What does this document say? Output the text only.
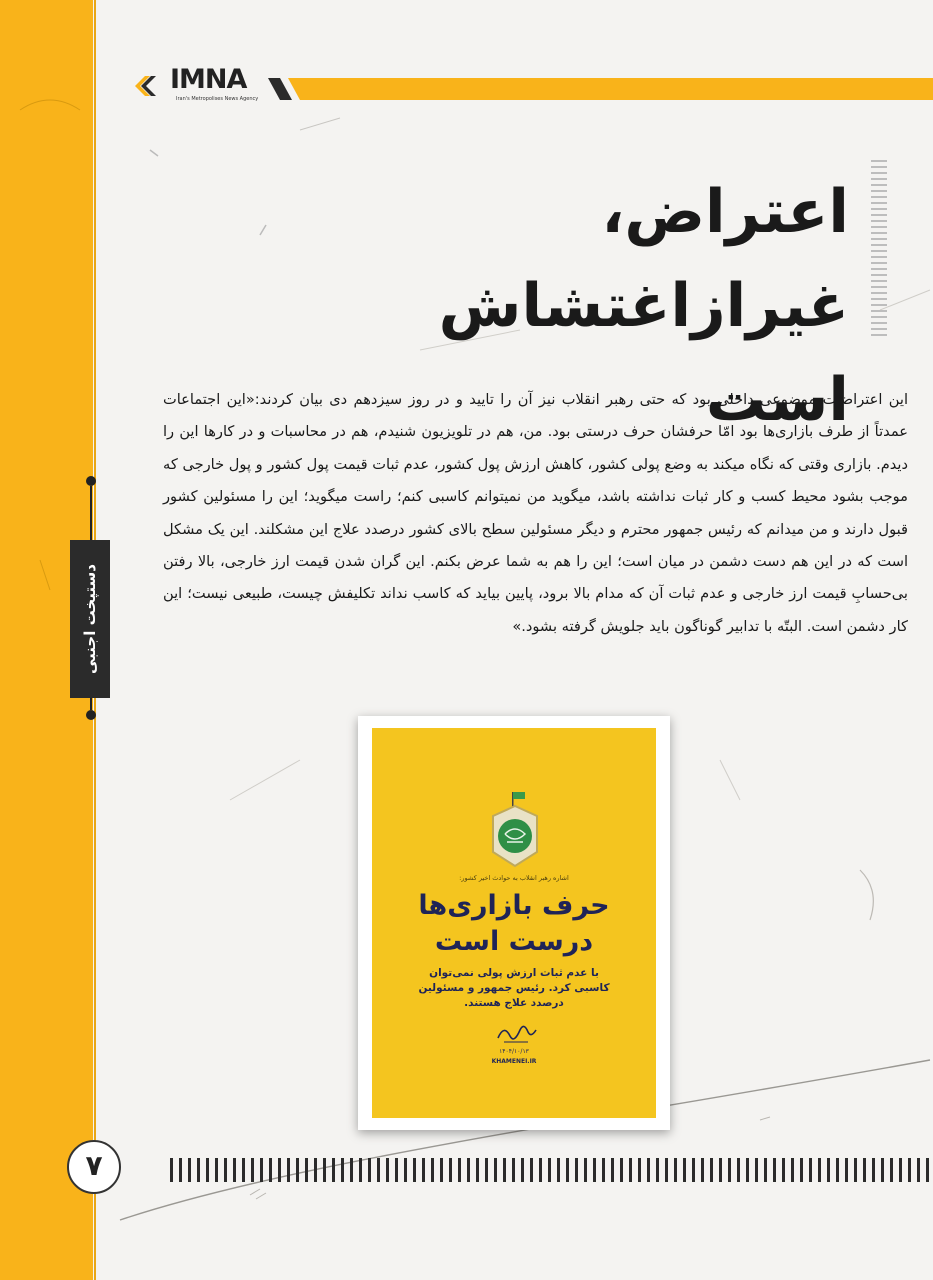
IMNA
Iran's Metropolises News Agency
اعتراض،
غیرازاغتشاش است

این اعتراضات موضوعی داخلی بود که حتی رهبر انقلاب نیز آن را تایید و در روز سیزدهم دی بیان کردند:«این اجتماعات عمدتاً از طرف بازاری‌ها بود امّا حرفشان حرف درستی بود. من، هم در تلویزیون شنیدم، هم در محاسبات و در کارها این را دیدم. بازاری وقتی که نگاه میکند به وضع پولی کشور، کاهش ارزش پول کشور، عدم ثبات قیمت پول کشور و پول خارجی که موجب بشود محیط کسب و کار ثبات نداشته باشد، میگوید من نمیتوانم کاسبی کنم؛ راست میگوید؛ این را مسئولین کشور قبول دارند و من میدانم که رئیس جمهور محترم و دیگر مسئولین سطح بالای کشور درصدد علاج این مشکلند. این یک مشکل است که در این هم دست دشمن در میان است؛ این را هم به شما عرض بکنم. این گران شدن قیمت ارز خارجی، بالا رفتن بی‌حسابِ قیمت ارز خارجی و عدم ثبات آن که مدام بالا برود، پایین بیاید که کاسب نداند تکلیفش چیست، طبیعی نیست؛ این کار دشمن است. البتّه با تدابیر گوناگون باید جلویش گرفته بشود.»

دستپخت اجنبی
اشاره رهبر انقلاب به حوادث اخیر کشور:
حرف بازاری‌ها
درست است

با عدم ثبات ارزش پولی نمی‌توان
کاسبی کرد. رئیس جمهور و مسئولین
درصدد علاج هستند.

۱۴۰۴/۱۰/۱۳
KHAMENEI.IR
۷
